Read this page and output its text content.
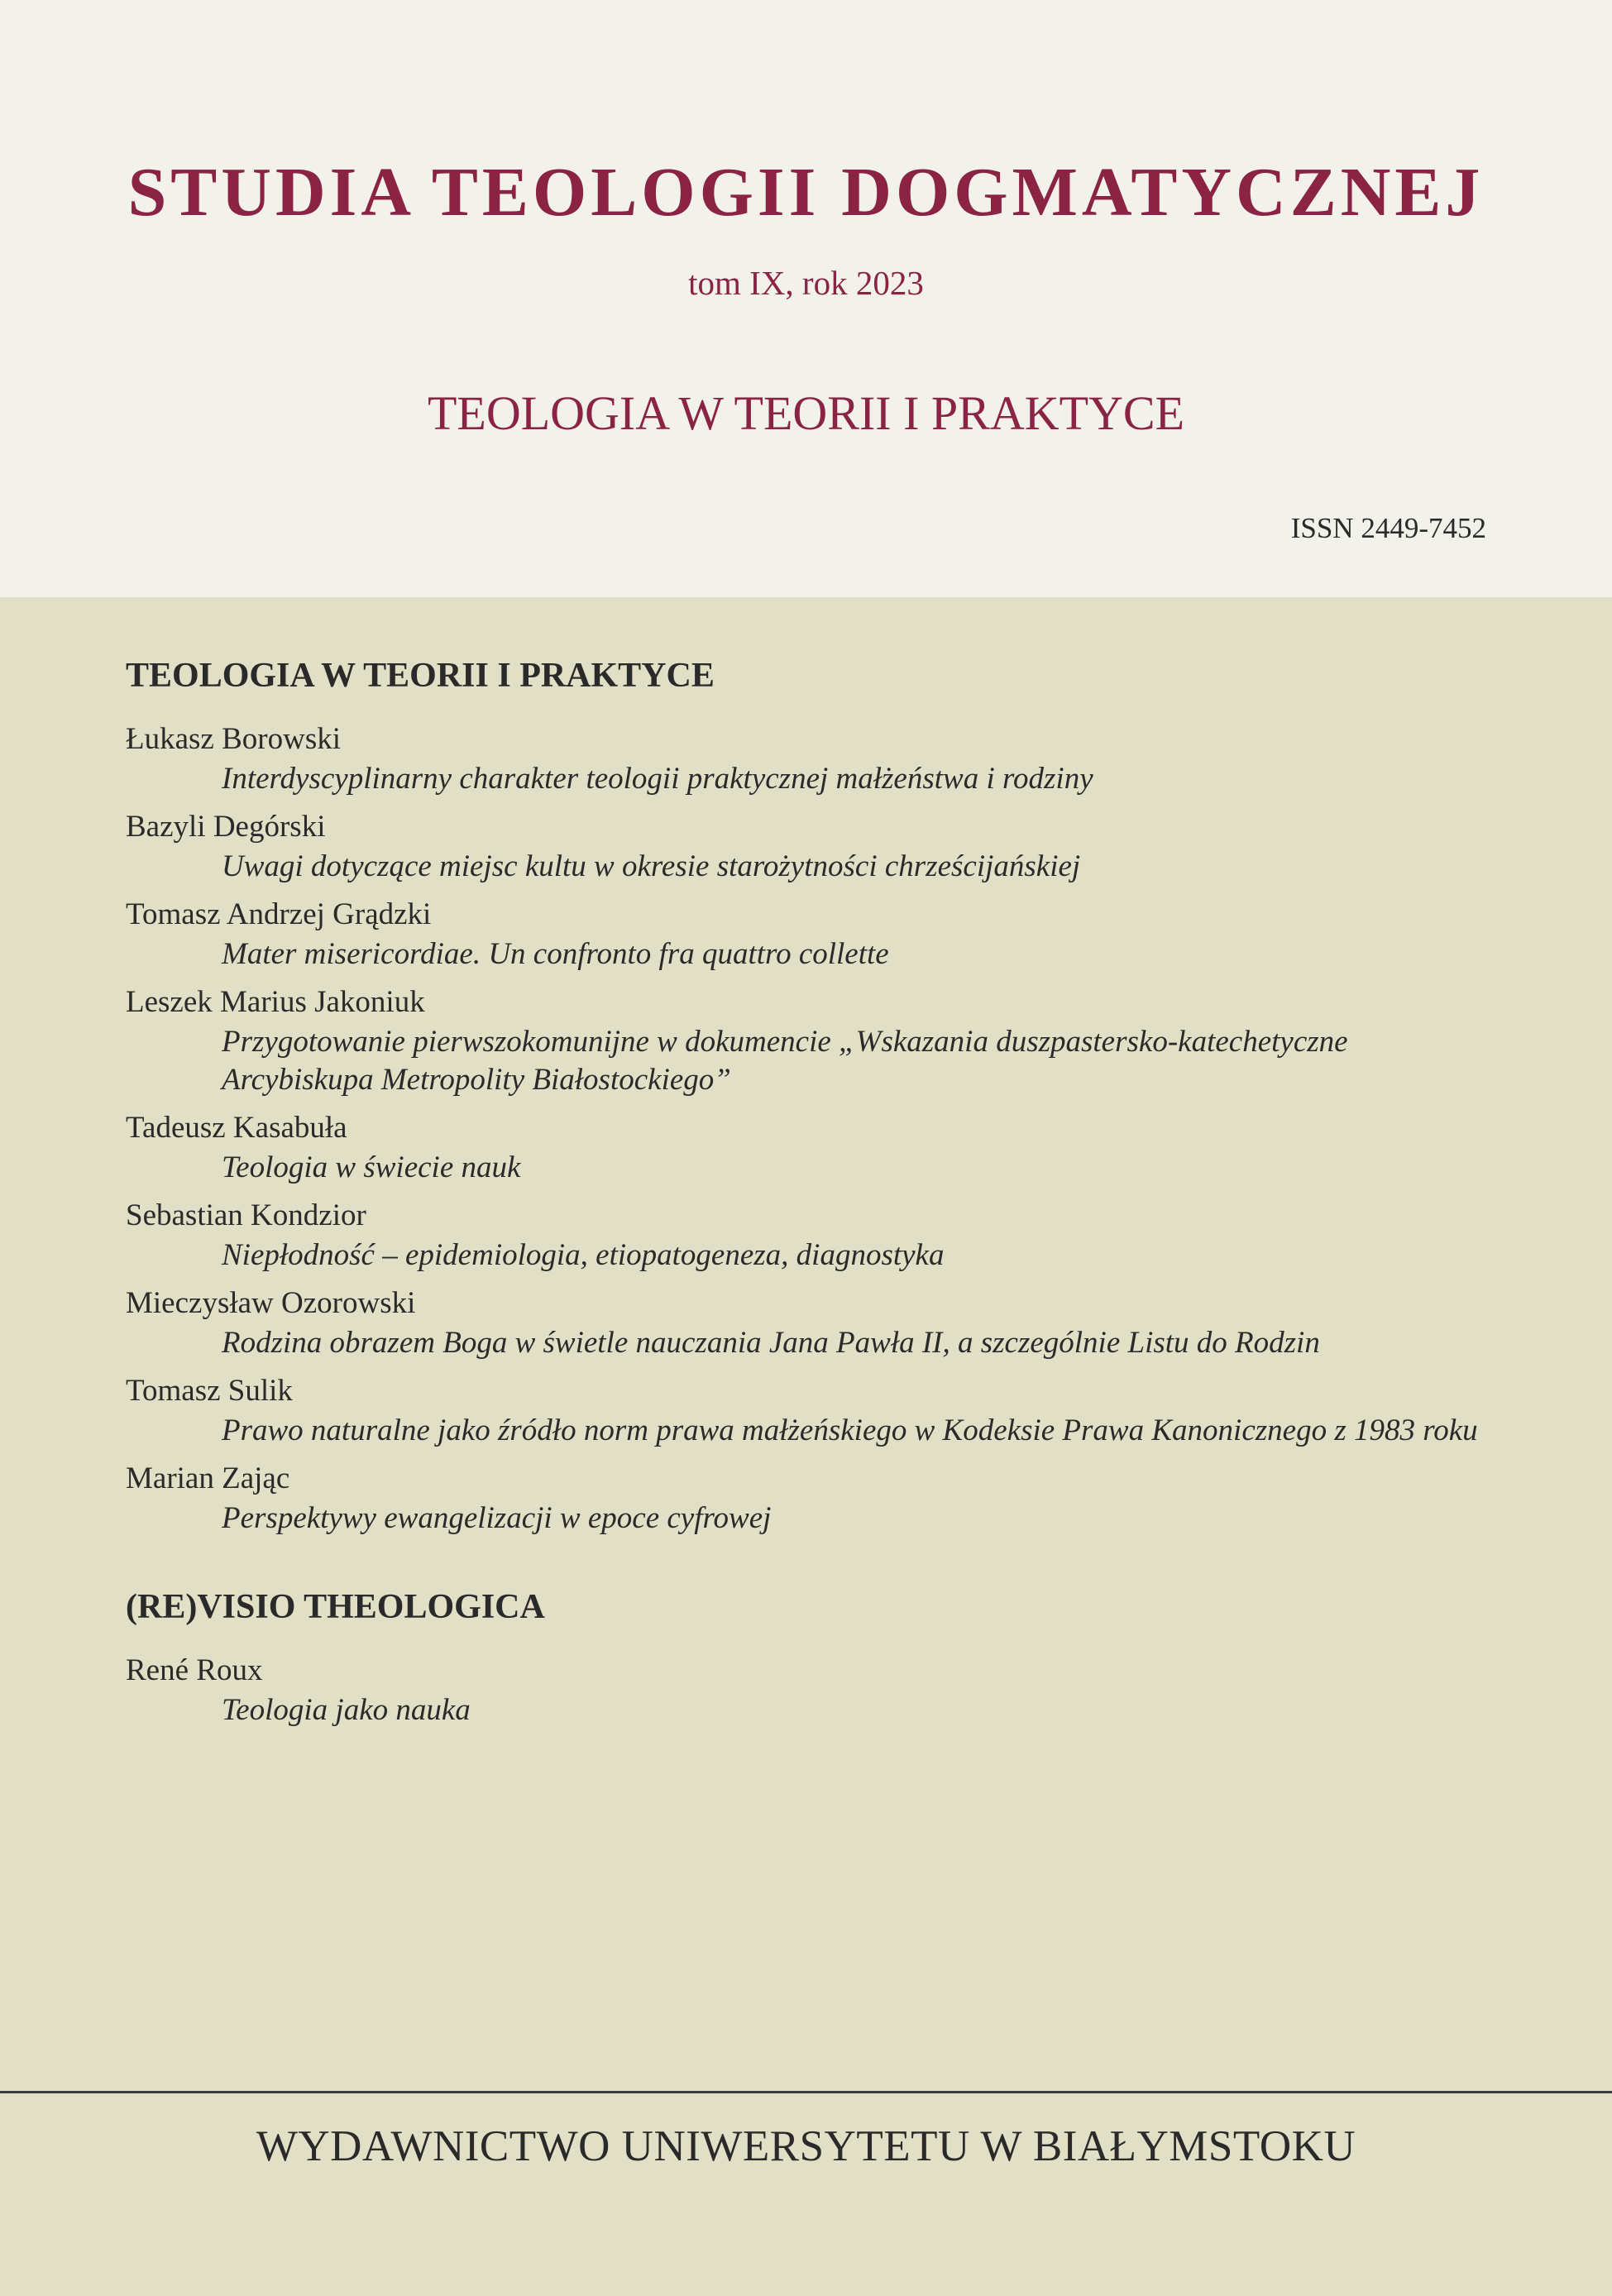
STUDIA TEOLOGII DOGMATYCZNEJ
tom IX, rok 2023
TEOLOGIA W TEORII I PRAKTYCE
ISSN 2449-7452
TEOLOGIA W TEORII I PRAKTYCE
Łukasz Borowski
Interdyscyplinarny charakter teologii praktycznej małżeństwa i rodziny
Bazyli Degórski
Uwagi dotyczące miejsc kultu w okresie starożytności chrześcijańskiej
Tomasz Andrzej Grądzki
Mater misericordiae. Un confronto fra quattro collette
Leszek Marius Jakoniuk
Przygotowanie pierwszokomunijne w dokumencie „Wskazania duszpastersko-katechetyczne Arcybiskupa Metropolity Białostockiego”
Tadeusz Kasabuła
Teologia w świecie nauk
Sebastian Kondzior
Niepłodność – epidemiologia, etiopatogeneza, diagnostyka
Mieczysław Ozorowski
Rodzina obrazem Boga w świetle nauczania Jana Pawła II, a szczególnie Listu do Rodzin
Tomasz Sulik
Prawo naturalne jako źródło norm prawa małżeńskiego w Kodeksie Prawa Kanonicznego z 1983 roku
Marian Zając
Perspektywy ewangelizacji w epoce cyfrowej
(RE)VISIO THEOLOGICA
René Roux
Teologia jako nauka
WYDAWNICTWO UNIWERSYTETU W BIAŁYMSTOKU
